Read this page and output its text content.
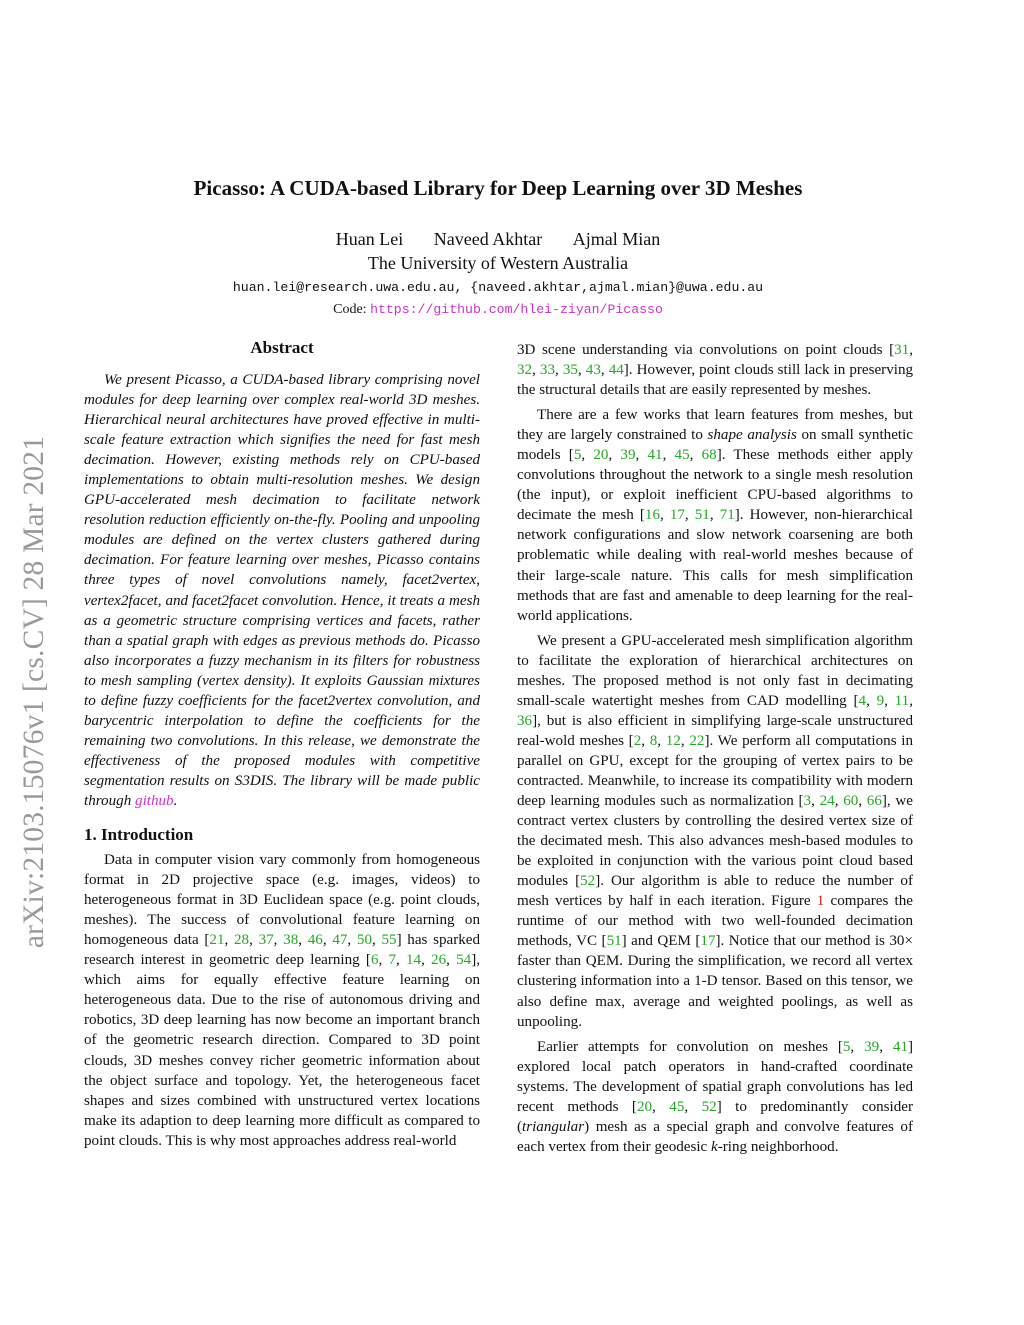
arXiv:2103.15076v1 [cs.CV] 28 Mar 2021
Picasso: A CUDA-based Library for Deep Learning over 3D Meshes
Huan Lei Naveed Akhtar Ajmal Mian
The University of Western Australia
huan.lei@research.uwa.edu.au, {naveed.akhtar,ajmal.mian}@uwa.edu.au
Code: https://github.com/hlei-ziyan/Picasso
Abstract

We present Picasso, a CUDA-based library comprising novel modules for deep learning over complex real-world 3D meshes. Hierarchical neural architectures have proved effective in multi-scale feature extraction which signifies the need for fast mesh decimation. However, existing methods rely on CPU-based implementations to obtain multi-resolution meshes. We design GPU-accelerated mesh decimation to facilitate network resolution reduction efficiently on-the-fly. Pooling and unpooling modules are defined on the vertex clusters gathered during decimation. For feature learning over meshes, Picasso contains three types of novel convolutions namely, facet2vertex, vertex2facet, and facet2facet convolution. Hence, it treats a mesh as a geometric structure comprising vertices and facets, rather than a spatial graph with edges as previous methods do. Picasso also incorporates a fuzzy mechanism in its filters for robustness to mesh sampling (vertex density). It exploits Gaussian mixtures to define fuzzy coefficients for the facet2vertex convolution, and barycentric interpolation to define the coefficients for the remaining two convolutions. In this release, we demonstrate the effectiveness of the proposed modules with competitive segmentation results on S3DIS. The library will be made public through github.

1. Introduction

Data in computer vision vary commonly from homogeneous format in 2D projective space (e.g. images, videos) to heterogeneous format in 3D Euclidean space (e.g. point clouds, meshes). The success of convolutional feature learning on homogeneous data [21, 28, 37, 38, 46, 47, 50, 55] has sparked research interest in geometric deep learning [6, 7, 14, 26, 54], which aims for equally effective feature learning on heterogeneous data. Due to the rise of autonomous driving and robotics, 3D deep learning has now become an important branch of the geometric research direction. Compared to 3D point clouds, 3D meshes convey richer geometric information about the object surface and topology. Yet, the heterogeneous facet shapes and sizes combined with unstructured vertex locations make its adaption to deep learning more difficult as compared to point clouds. This is why most approaches address real-world

3D scene understanding via convolutions on point clouds [31, 32, 33, 35, 43, 44]. However, point clouds still lack in preserving the structural details that are easily represented by meshes.

There are a few works that learn features from meshes, but they are largely constrained to shape analysis on small synthetic models [5, 20, 39, 41, 45, 68]. These methods either apply convolutions throughout the network to a single mesh resolution (the input), or exploit inefficient CPU-based algorithms to decimate the mesh [16, 17, 51, 71]. However, non-hierarchical network configurations and slow network coarsening are both problematic while dealing with real-world meshes because of their large-scale nature. This calls for mesh simplification methods that are fast and amenable to deep learning for the real-world applications.

We present a GPU-accelerated mesh simplification algorithm to facilitate the exploration of hierarchical architectures on meshes. The proposed method is not only fast in decimating small-scale watertight meshes from CAD modelling [4, 9, 11, 36], but is also efficient in simplifying large-scale unstructured real-wold meshes [2, 8, 12, 22]. We perform all computations in parallel on GPU, except for the grouping of vertex pairs to be contracted. Meanwhile, to increase its compatibility with modern deep learning modules such as normalization [3, 24, 60, 66], we contract vertex clusters by controlling the desired vertex size of the decimated mesh. This also advances mesh-based modules to be exploited in conjunction with the various point cloud based modules [52]. Our algorithm is able to reduce the number of mesh vertices by half in each iteration. Figure 1 compares the runtime of our method with two well-founded decimation methods, VC [51] and QEM [17]. Notice that our method is 30× faster than QEM. During the simplification, we record all vertex clustering information into a 1-D tensor. Based on this tensor, we also define max, average and weighted poolings, as well as unpooling.

Earlier attempts for convolution on meshes [5, 39, 41] explored local patch operators in hand-crafted coordinate systems. The development of spatial graph convolutions has led recent methods [20, 45, 52] to predominantly consider (triangular) mesh as a special graph and convolve features of each vertex from their geodesic k-ring neighborhood.
